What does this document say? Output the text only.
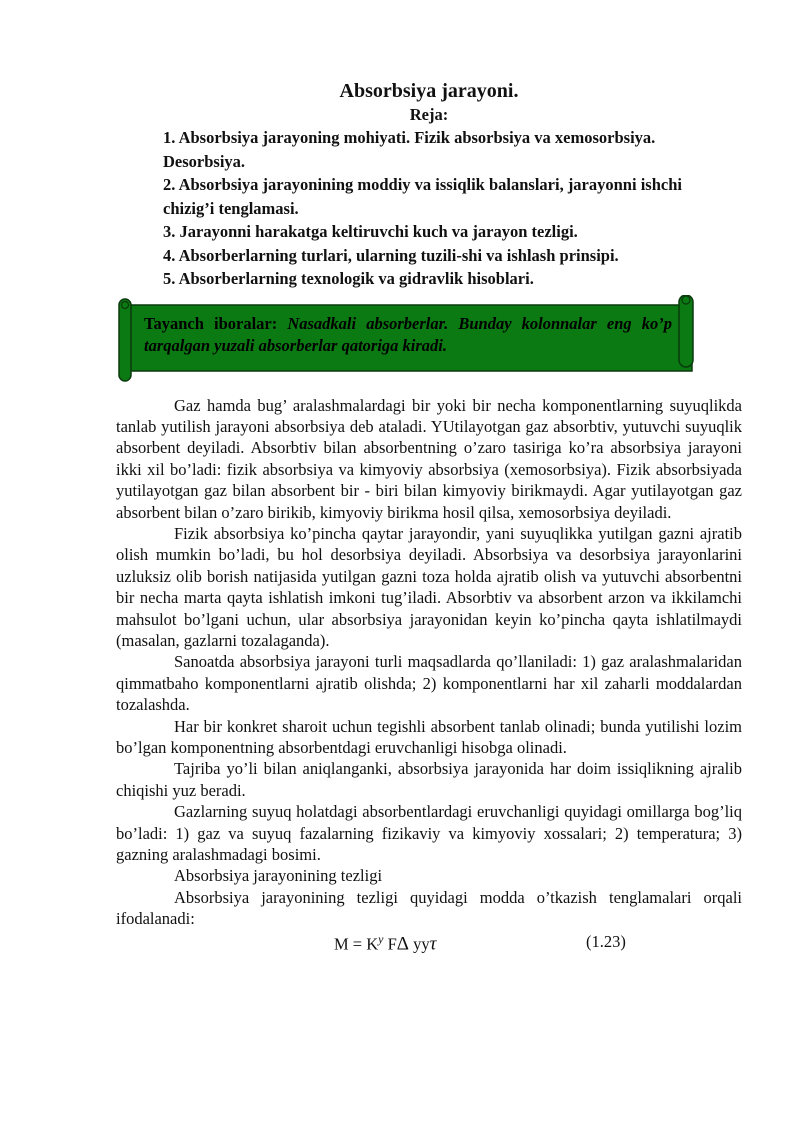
Absorbsiya jarayoni.
Reja:
1. Absorbsiya jarayoning mohiyati. Fizik absorbsiya va xemosorbsiya.
Desorbsiya.
2. Absorbsiya jarayonining moddiy va issiqlik balanslari, jarayonni ishchi
chizig’i tenglamasi.
3. Jarayonni harakatga keltiruvchi kuch va jarayon tezligi.
4. Absorberlarning turlari, ularning tuzili-shi va ishlash prinsipi.
5. Absorberlarning texnologik va gidravlik hisoblari.
Tayanch iboralar: Nasadkali absorberlar. Bunday kolonnalar eng ko’p tarqalgan yuzali absorberlar qatoriga kiradi.

Gaz hamda bug’ aralashmalardagi bir yoki bir necha komponentlarning suyuqlikda tanlab yutilish jarayoni absorbsiya deb ataladi. YUtilayotgan gaz absorbtiv, yutuvchi suyuqlik absorbent deyiladi. Absorbtiv bilan absorbentning o’zaro tasiriga ko’ra absorbsiya jarayoni ikki xil bo’ladi: fizik absorbsiya va kimyoviy absorbsiya (xemosorbsiya). Fizik absorbsiyada yutilayotgan gaz bilan absorbent bir - biri bilan kimyoviy birikmaydi. Agar yutilayotgan gaz absorbent bilan o’zaro birikib, kimyoviy birikma hosil qilsa, xemosorbsiya deyiladi.

Fizik absorbsiya ko’pincha qaytar jarayondir, yani suyuqlikka yutilgan gazni ajratib olish mumkin bo’ladi, bu hol desorbsiya deyiladi. Absorbsiya va desorbsiya jarayonlarini uzluksiz olib borish natijasida yutilgan gazni toza holda ajratib olish va yutuvchi absorbentni bir necha marta qayta ishlatish imkoni tug’iladi. Absorbtiv va absorbent arzon va ikkilamchi mahsulot bo’lgani uchun, ular absorbsiya jarayonidan keyin ko’pincha qayta ishlatilmaydi (masalan, gazlarni tozalaganda).

Sanoatda absorbsiya jarayoni turli maqsadlarda qo’llaniladi: 1) gaz aralashmalaridan qimmatbaho komponentlarni ajratib olishda; 2) komponentlarni har xil zaharli moddalardan tozalashda.

Har bir konkret sharoit uchun tegishli absorbent tanlab olinadi; bunda yutilishi lozim bo’lgan komponentning absorbentdagi eruvchanligi hisobga olinadi.

Tajriba yo’li bilan aniqlanganki, absorbsiya jarayonida har doim issiqlikning ajralib chiqishi yuz beradi.

Gazlarning suyuq holatdagi absorbentlardagi eruvchanligi quyidagi omillarga bog’liq bo’ladi: 1) gaz va suyuq fazalarning fizikaviy va kimyoviy xossalari; 2) temperatura; 3) gazning aralashmadagi bosimi.

Absorbsiya jarayonining tezligi

Absorbsiya jarayonining tezligi quyidagi modda o’tkazish tenglamalari orqali ifodalanadi:

$M = K^y$ FΔ yyτ	(1.23)
